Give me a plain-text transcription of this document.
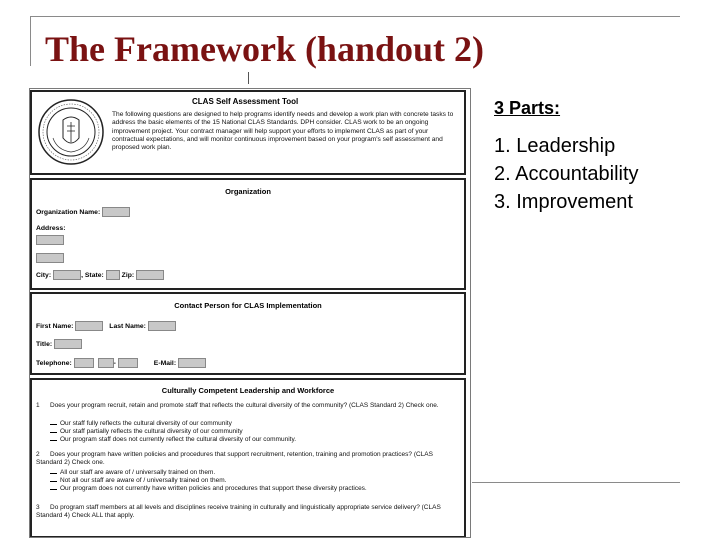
The Framework (handout 2)
CLAS Self Assessment Tool
The following questions are designed to help programs identify needs and develop a work plan with concrete tasks to address the basic elements of the 15 National CLAS Standards. DPH consider. CLAS work to be an ongoing improvement project. Your contract manager will help support your efforts to implement CLAS as part of your contractual expectations, and will monitor continuous improvement based on your program's self assessment and proposed work plan.
Organization
Organization Name:
Address:
City:	, State:	Zip:
Contact Person for CLAS Implementation
First Name:	Last Name:
Title:
Telephone:	-	E-Mail:
Culturally Competent Leadership and Workforce
1 Does your program recruit, retain and promote staff that reflects the cultural diversity of the community? (CLAS Standard 2) Check one.
Our staff fully reflects the cultural diversity of our community
Our staff partially reflects the cultural diversity of our community
Our program staff does not currently reflect the cultural diversity of our community.
2 Does your program have written policies and procedures that support recruitment, retention, training and promotion practices? (CLAS Standard 2) Check one.
All our staff are aware of / universally trained on them.
Not all our staff are aware of / universally trained on them.
Our program does not currently have written policies and procedures that support these diversity practices.
3 Do program staff members at all levels and disciplines receive training in culturally and linguistically appropriate service delivery? (CLAS Standard 4) Check ALL that apply.
3 Parts:
1. Leadership
2. Accountability
3. Improvement
